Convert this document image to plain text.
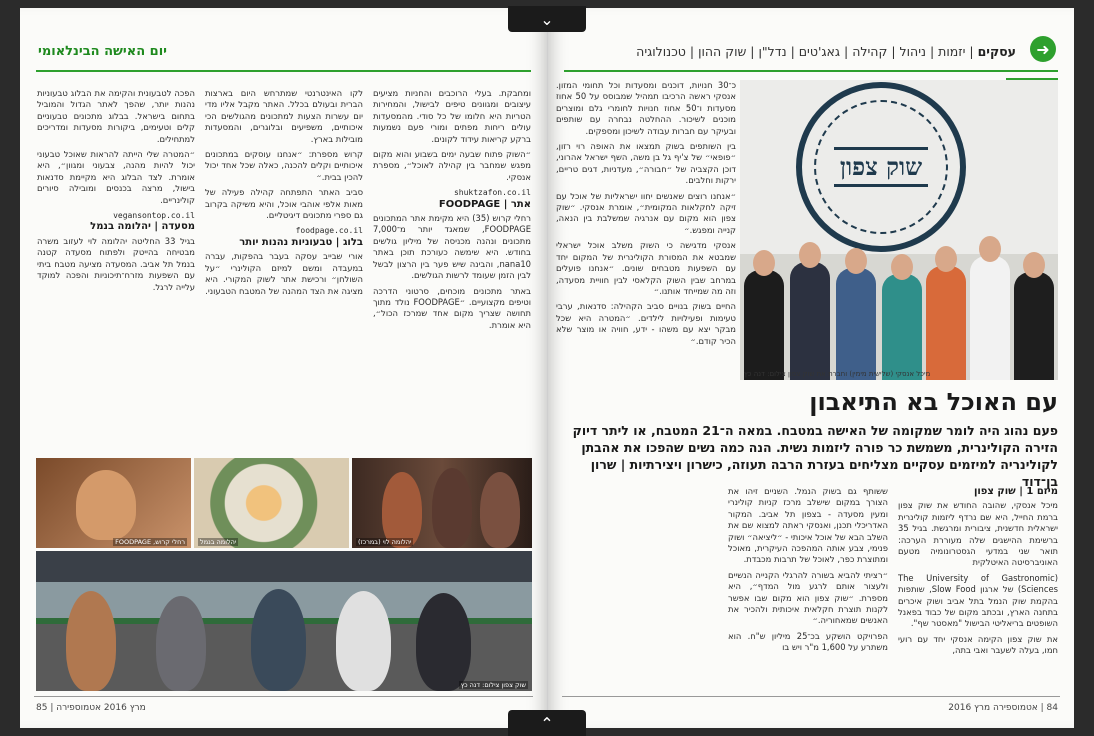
יום האישה הבינלאומי

ומחבקת. בעלי הרוכבים והחניות מציעים עיצובים ומגוונים טיפים לבישול, והמחירות הטריות היא חלומו של כל סודי. מהמסעדות עולים ריחות מפתים ומורי פעם נשמעות ברקע קריאות עידוד לקונים.

״השוק פתוח שבעה ימים בשבוע והוא מקום מפגש שמחבר בין קהילה לאוכל״, מספרת אנסקי.

shuktzafon.co.il
אתר | FOODPAGE

רחלי קרוש (35) היא מקימת אתר המתכונים FOODPAGE, שמאגד יותר מ־7,000 מתכונים ונהנה מכניסה של מיליון גולשים בחודש. היא שימשה כעורכת תוכן באתר nana10, והבינה שיש פער בין הרצון לבשל לבין הזמן שעומד לרשות הגולשים.

באתר מתכונים מוכחים, סרטוני הדרכה וטיפים מקצועיים. ״FOODPAGE נולד מתוך תחושה שצריך מקום אחד שמרכז הכול״, היא אומרת.

לקו האינטרנטי שמתרחש היום בארצות הברית ובעולם בכלל. האתר מקבל אליו מדי יום עשרות הצעות למתכונים מהגולשים הכי איכותיים, משפיעים ובלוגרים, והמסעדות מובילות בארץ.

קרוש מספרת: ״אנחנו עוסקים במתכונים איכותיים וקלים להכנה, כאלה שכל אחד יכול להכין בבית.״

סביב האתר התפתחה קהילה פעילה של מאות אלפי אוהבי אוכל, והיא משיקה בקרוב גם ספרי מתכונים דיגיטליים.

foodpage.co.il
בלוג | טבעוניות נהנות יותר

אורי שבייב עסקה בעבר בהפקות, עברה במעבדה ומשם למיזם הקולינרי ״על השולחן״ ורכישת אתר לשוק המקורי. היא מציגה את הצד המהנה של המטבח הטבעוני.

הפכה לטבעונית והקימה את הבלוג טבעוניות נהנות יותר, שהפך לאתר הגדול והמוביל בתחום בישראל. בבלוג מתכונים טבעוניים קלים וטעימים, ביקורות מסעדות ומדריכים למתחילים.

״המטרה שלי הייתה להראות שאוכל טבעוני יכול להיות מהנה, צבעוני ומגוון״, היא אומרת. לצד הבלוג היא מקיימת סדנאות בישול, מרצה בכנסים ומובילה סיורים קולינריים.

vegansontop.co.il
מסעדה | יהלומה בנמל

בגיל 33 החליטה יהלומה לוי לעזוב משרה מבטיחה בהייטק ולפתוח מסעדה קטנה בנמל תל אביב. המסעדה מציעה מטבח ביתי עם השפעות מזרח־תיכוניות והפכה למוקד עלייה לרגל.

רחלי קרוש, FOODPAGE	יהלומה בנמל	יהלומה לוי (במרכז)
שוק צפון צילום: דנה כץ
מרץ 2016 אטמוספירה | 85
➜
עסקים | יזמות | ניהול | קהילה | גאג'טים | נדל"ן | שוק ההון | טכנולוגיה
שוק צפון
מיכל אנסקי (שלישית מימין) וחברת את שוק צפון צילום: דנה כץ
עם האוכל בא התיאבון
פעם נהוג היה לומר שמקומה של האישה במטבח. במאה ה־21 המטבח, או ליתר דיוק הזירה הקולינרית, משמשת כר פורה ליזמות נשית. הנה כמה נשים שהפכו את אהבתן לקולינריה למיזמים עסקיים מצליחים בעזרת הרבה תעוזה, כישרון ויצירתיות | שרון בן־דוד
מיזם 1 | שוק צפון

מיכל אנסקי, שהובה החודש את שוק צפון ברמת החייל, היא שם נרדף ליזמות קולינרית ישראלית חדשנית, ציבורית ומרגשת. בגיל 35 ברשימת ההישגים שלה מעוררת הערכה: תואר שני במדעי הגסטרונומיה מטעם האוניברסיטה האיטלקית

(The University of Gastronomic Sciences) של ארגון Slow Food, שותפות בהקמת שוק הנמל בתל אביב ושוק איכרים בתחנה הארץ, ובכתב מקום של כבוד בפאנל השופטים בריאליטי הבישול "מאסטר שף".

את שוק צפון הקימה אנסקי יחד עם רועי חמו, בעלה לשעבר ואבי בתה,

ששותף גם בשוק הנמל. השניים זיהו את הצורך במקום שישלב מרכז קניות קולינרי ומעין מסעדה - בצפון תל אביב. המקור האדריכלי תכנן, ואנסקי ראתה למצוא שם את השלב הבא של אוכל איכותי - ״ליציאה״ ושוק פנימי, צבע אותה המהפכה העיקרית, מאוכל ומתוצרת כפר, לאוכל של תרבות מכבדת.

״רציתי להביא בשורה להרגלי הקנייה הנשיים ולעצור אותם לרגע מול המדף״, היא מספרת. ״שוק צפון הוא מקום שבו אפשר לקנות תוצרת חקלאית איכותית ולהכיר את האנשים שמאחוריה.״

הפרויקט הושקע בכ־25 מיליון ש"ח. הוא משתרע על 1,600 מ"ר ויש בו

84 | אטמוספירה מרץ 2016

כ־30 חנויות, דוכנים ומסעדות וכל תחומי המזון. אנסקי ראשה הרכיבו תמהיל שמבוסס על 50 אחוז מסעדות ו־50 אחוז חנויות לחומרי גלם ומוצרים מוכנים לשיכור. ההחלטה נבחרה עם שותפים ובעיקר עם חברות עבודה לשיכון ומספקים.

בין השותפים בשוק תמצאו את האופה רוי רזון, ״פופאי״ של צ'יף גל בן משה, השף ישראל אהרוני, דוכן הקצביה של ״חבורה״, מעדניות, דגים טריים, ירקות וחלבים.

״אנחנו רוצים שאנשים יחוו ישראליות של אוכל עם זיקה לחקלאות המקומית״, אומרת אנסקי. ״שוק צפון הוא מקום עם אנרגיה שמשלבת בין הנאה, קנייה ומפגש.״

אנסקי מדגישה כי השוק משלב אוכל ישראלי שמבטא את המסורת הקולינרית של המקום יחד עם השפעות מטבחים שונים. ״אנחנו פועלים במרחב שבין השוק הקלאסי לבין חוויית מסעדה, וזה מה שמייחד אותנו.״

החיים בשוק בנויים סביב הקהילה: סדנאות, ערבי טעימות ופעילויות לילדים. ״המטרה היא שכל מבקר יצא עם משהו - ידע, חוויה או מוצר שלא הכיר קודם.״

⌄
⌃
